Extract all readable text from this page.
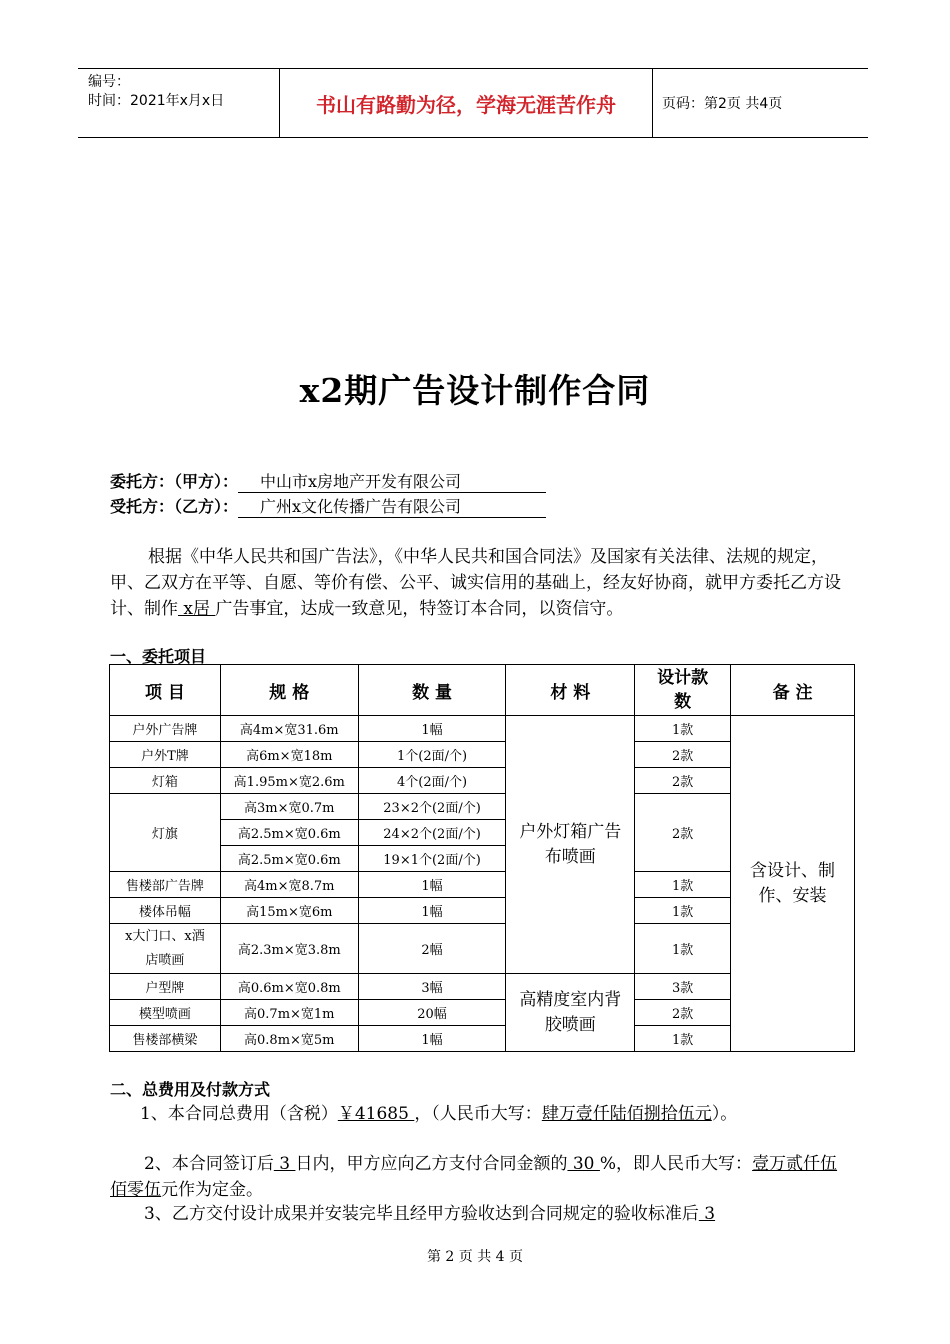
编号：
时间：2021年x月x日	书山有路勤为径，学海无涯苦作舟	页码：第2页 共4页
x2期广告设计制作合同
委托方：（甲方）： 中山市x房地产开发有限公司
受托方：（乙方）： 广州x文化传播广告有限公司
根据《中华人民共和国广告法》，《中华人民共和国合同法》及国家有关法律、法规的规定，甲、乙双方在平等、自愿、等价有偿、公平、诚实信用的基础上，经友好协商，就甲方委托乙方设计、制作 x居 广告事宜，达成一致意见，特签订本合同，以资信守。
一、委托项目
项 目	规 格	数 量	材 料	设计款数	备 注
户外广告牌	高4m×宽31.6m	1幅	户外灯箱广告布喷画	1款	含设计、制作、安装
户外T牌	高6m×宽18m	1个(2面/个)		2款	
灯箱	高1.95m×宽2.6m	4个(2面/个)		2款	
灯旗	高3m×宽0.7m	23×2个(2面/个)		2款	
	高2.5m×宽0.6m	24×2个(2面/个)			
	高2.5m×宽0.6m	19×1个(2面/个)			
售楼部广告牌	高4m×宽8.7m	1幅		1款	
楼体吊幅	高15m×宽6m	1幅		1款	
x大门口、x酒店喷画	高2.3m×宽3.8m	2幅		1款	
户型牌	高0.6m×宽0.8m	3幅	高精度室内背胶喷画	3款	
模型喷画	高0.7m×宽1m	20幅		2款	
售楼部横梁	高0.8m×宽5m	1幅		1款	
二、总费用及付款方式
1、本合同总费用（含税）￥41685 ，（人民币大写：肆万壹仟陆佰捌拾伍元）。
2、本合同签订后 3 日内，甲方应向乙方支付合同金额的 30 %，即人民币大写：壹万贰仟伍佰零伍元作为定金。
3、乙方交付设计成果并安装完毕且经甲方验收达到合同规定的验收标准后 3
第 2 页 共 4 页
